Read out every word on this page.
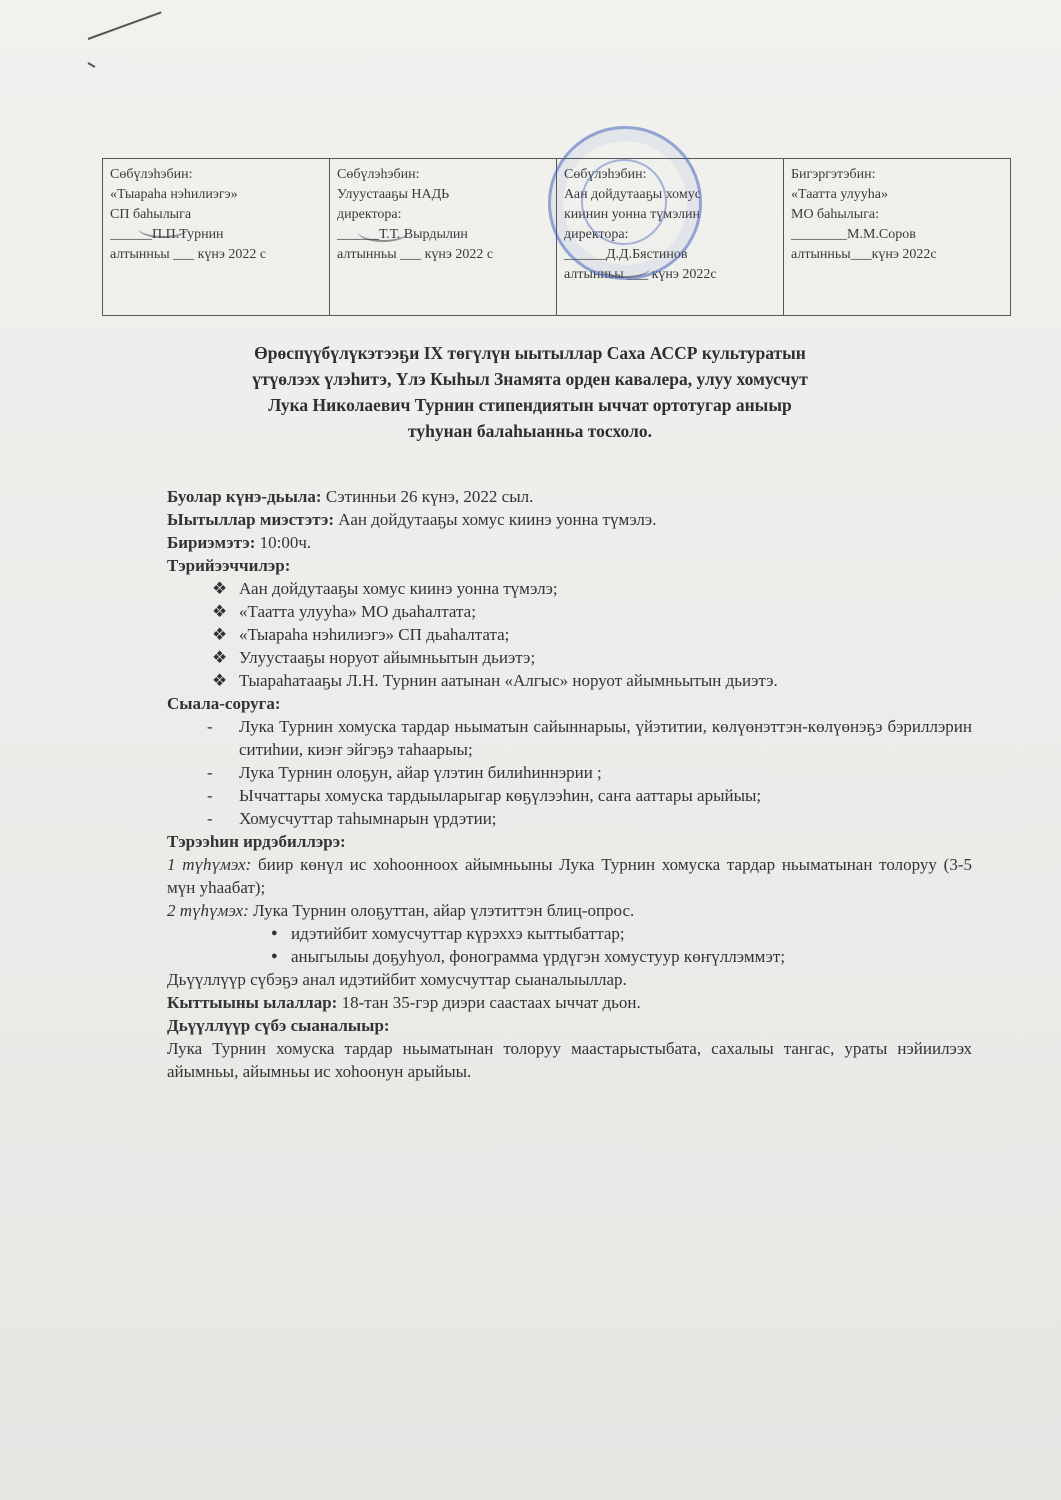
Сөбүлэһэбин:
«Тыараһа нэһилиэгэ»
СП баһылыга
______П.П.Турнин
алтынньы ___ күнэ 2022 с
Сөбүлэһэбин:
Улуустааҕы НАДЬ
директора:
______Т.Т. Вырдылин
алтынньы ___ күнэ 2022 с
Сөбүлэһэбин:
Аан дойдутааҕы хомус
киинин уонна түмэлин
директора:
______Д.Д.Бястинов
алтынньы ___ күнэ 2022с
Бигэргэтэбин:
«Таатта улууһа»
МО баһылыга:
________М.М.Соров
алтынньы___күнэ 2022с
Өрөспүүбүлүкэтээҕи IX төгүлүн ыытыллар Саха АССР культуратын
үтүөлээх үлэһитэ, Үлэ Кыһыл Знамята орден кавалера, улуу хомусчут
Лука Николаевич Турнин стипендиятын ыччат ортотугар аныыр
туһунан балаһыанньа тосхоло.
Буолар күнэ-дьыла: Сэтинньи 26 күнэ, 2022 сыл.
Ыытыллар миэстэтэ: Аан дойдутааҕы хомус киинэ уонна түмэлэ.
Бириэмэтэ: 10:00ч.
Тэрийээччилэр:
❖ Аан дойдутааҕы хомус киинэ уонна түмэлэ;
❖ «Таатта улууһа» МО дьаһалтата;
❖ «Тыараһа нэһилиэгэ» СП дьаһалтата;
❖ Улуустааҕы норуот айымньытын дьиэтэ;
❖ Тыараһатааҕы Л.Н. Турнин аатынан «Алгыс» норуот айымньытын дьиэтэ.
Сыала-соруга:
- Лука Турнин хомуска тардар ньыматын сайыннарыы, үйэтитии, көлүөнэттэн-көлүөнэҕэ бэриллэрин ситиһии, киэҥ эйгэҕэ таһаарыы;
- Лука Турнин олоҕун, айар үлэтин билиһиннэрии ;
- Ыччаттары хомуска тардыыларыгар көҕүлээһин, саҥа ааттары арыйыы;
- Хомусчуттар таһымнарын үрдэтии;
Тэрээһин ирдэбиллэрэ:
1 түһүмэх: биир көнүл ис хоһоонноох айымньыны Лука Турнин хомуска тардар ньыматынан толоруу (3-5 мүн уһаабат);
2 түһүмэх: Лука Турнин олоҕуттан, айар үлэтиттэн блиц-опрос.
● идэтийбит хомусчуттар күрэххэ кыттыбаттар;
● аныгылыы доҕуһуол, фонограмма үрдүгэн хомустуур көҥүллэммэт;
Дьүүллүүр сүбэҕэ анал идэтийбит хомусчуттар сыаналыыллар.
Кыттыыны ылаллар: 18-тан 35-гэр диэри саастаах ыччат дьон.
Дьүүллүүр сүбэ сыаналыыр:
Лука Турнин хомуска тардар ньыматынан толоруу маастарыстыбата, сахалыы тангас, ураты нэйиилээх айымньы, айымньы ис хоһоонун арыйыы.
